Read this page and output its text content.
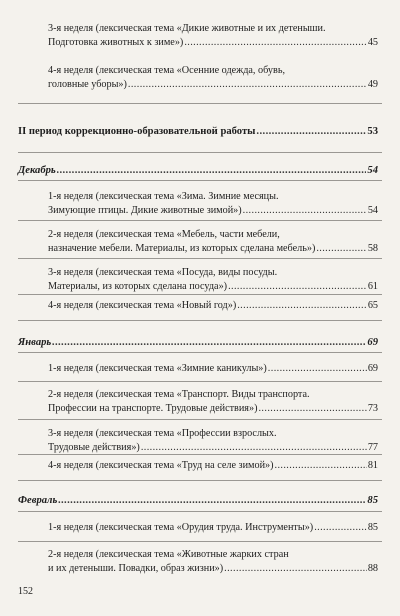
3-я неделя (лексическая тема «Дикие животные и их детеныши.
Подготовка животных к зиме») .....	45
4-я неделя (лексическая тема «Осенние одежда, обувь,
головные уборы») .....	49
II период коррекционно-образовательной работы .....	53
Декабрь .....	54
1-я неделя (лексическая тема «Зима. Зимние месяцы.
Зимующие птицы. Дикие животные зимой») .....	54
2-я неделя (лексическая тема «Мебель, части мебели,
назначение мебели. Материалы, из которых сделана мебель») .....	58
3-я неделя (лексическая тема «Посуда, виды посуды.
Материалы, из которых сделана посуда») .....	61
4-я неделя (лексическая тема «Новый год») .....	65
Январь .....	69
1-я неделя (лексическая тема «Зимние каникулы») .....	69
2-я неделя (лексическая тема «Транспорт. Виды транспорта.
Профессии на транспорте. Трудовые действия») .....	73
3-я неделя (лексическая тема «Профессии взрослых.
Трудовые действия») .....	77
4-я неделя (лексическая тема «Труд на селе зимой») .....	81
Февраль .....	85
1-я неделя (лексическая тема «Орудия труда. Инструменты») .....	85
2-я неделя (лексическая тема «Животные жарких стран
и их детеныши. Повадки, образ жизни») .....	88
152
